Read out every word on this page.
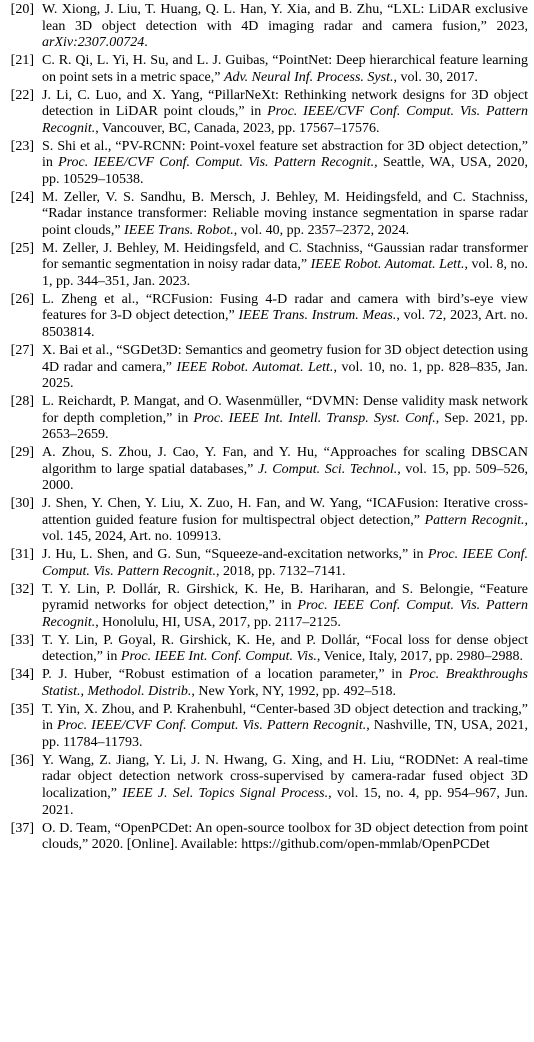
[20] W. Xiong, J. Liu, T. Huang, Q. L. Han, Y. Xia, and B. Zhu, “LXL: LiDAR exclusive lean 3D object detection with 4D imaging radar and camera fusion,” 2023, arXiv:2307.00724.
[21] C. R. Qi, L. Yi, H. Su, and L. J. Guibas, “PointNet: Deep hierarchical feature learning on point sets in a metric space,” Adv. Neural Inf. Process. Syst., vol. 30, 2017.
[22] J. Li, C. Luo, and X. Yang, “PillarNeXt: Rethinking network designs for 3D object detection in LiDAR point clouds,” in Proc. IEEE/CVF Conf. Comput. Vis. Pattern Recognit., Vancouver, BC, Canada, 2023, pp. 17567–17576.
[23] S. Shi et al., “PV-RCNN: Point-voxel feature set abstraction for 3D object detection,” in Proc. IEEE/CVF Conf. Comput. Vis. Pattern Recognit., Seattle, WA, USA, 2020, pp. 10529–10538.
[24] M. Zeller, V. S. Sandhu, B. Mersch, J. Behley, M. Heidingsfeld, and C. Stachniss, “Radar instance transformer: Reliable moving instance segmentation in sparse radar point clouds,” IEEE Trans. Robot., vol. 40, pp. 2357–2372, 2024.
[25] M. Zeller, J. Behley, M. Heidingsfeld, and C. Stachniss, “Gaussian radar transformer for semantic segmentation in noisy radar data,” IEEE Robot. Automat. Lett., vol. 8, no. 1, pp. 344–351, Jan. 2023.
[26] L. Zheng et al., “RCFusion: Fusing 4-D radar and camera with bird’s-eye view features for 3-D object detection,” IEEE Trans. Instrum. Meas., vol. 72, 2023, Art. no. 8503814.
[27] X. Bai et al., “SGDet3D: Semantics and geometry fusion for 3D object detection using 4D radar and camera,” IEEE Robot. Automat. Lett., vol. 10, no. 1, pp. 828–835, Jan. 2025.
[28] L. Reichardt, P. Mangat, and O. Wasenmüller, “DVMN: Dense validity mask network for depth completion,” in Proc. IEEE Int. Intell. Transp. Syst. Conf., Sep. 2021, pp. 2653–2659.
[29] A. Zhou, S. Zhou, J. Cao, Y. Fan, and Y. Hu, “Approaches for scaling DBSCAN algorithm to large spatial databases,” J. Comput. Sci. Technol., vol. 15, pp. 509–526, 2000.
[30] J. Shen, Y. Chen, Y. Liu, X. Zuo, H. Fan, and W. Yang, “ICAFusion: Iterative cross-attention guided feature fusion for multispectral object detection,” Pattern Recognit., vol. 145, 2024, Art. no. 109913.
[31] J. Hu, L. Shen, and G. Sun, “Squeeze-and-excitation networks,” in Proc. IEEE Conf. Comput. Vis. Pattern Recognit., 2018, pp. 7132–7141.
[32] T. Y. Lin, P. Dollár, R. Girshick, K. He, B. Hariharan, and S. Belongie, “Feature pyramid networks for object detection,” in Proc. IEEE Conf. Comput. Vis. Pattern Recognit., Honolulu, HI, USA, 2017, pp. 2117–2125.
[33] T. Y. Lin, P. Goyal, R. Girshick, K. He, and P. Dollár, “Focal loss for dense object detection,” in Proc. IEEE Int. Conf. Comput. Vis., Venice, Italy, 2017, pp. 2980–2988.
[34] P. J. Huber, “Robust estimation of a location parameter,” in Proc. Breakthroughs Statist., Methodol. Distrib., New York, NY, 1992, pp. 492–518.
[35] T. Yin, X. Zhou, and P. Krahenbuhl, “Center-based 3D object detection and tracking,” in Proc. IEEE/CVF Conf. Comput. Vis. Pattern Recognit., Nashville, TN, USA, 2021, pp. 11784–11793.
[36] Y. Wang, Z. Jiang, Y. Li, J. N. Hwang, G. Xing, and H. Liu, “RODNet: A real-time radar object detection network cross-supervised by camera-radar fused object 3D localization,” IEEE J. Sel. Topics Signal Process., vol. 15, no. 4, pp. 954–967, Jun. 2021.
[37] O. D. Team, “OpenPCDet: An open-source toolbox for 3D object detection from point clouds,” 2020. [Online]. Available: https://github.com/open-mmlab/OpenPCDet
